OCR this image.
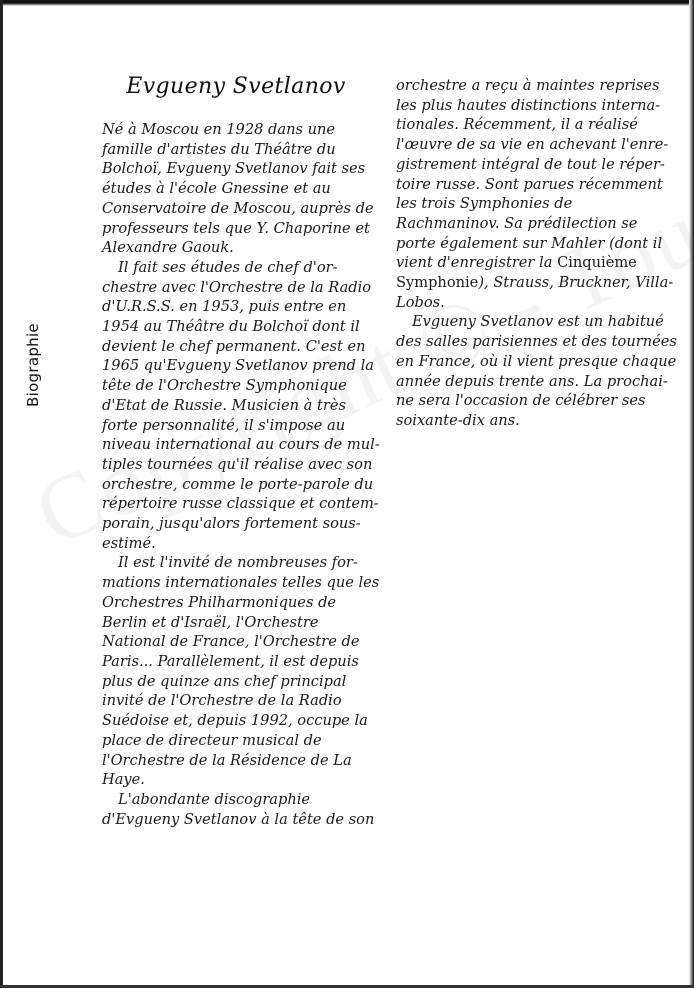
Biographie
Evgueny Svetlanov
Né à Moscou en 1928 dans une
famille d'artistes du Théâtre du
Bolchoï, Evgueny Svetlanov fait ses
études à l'école Gnessine et au
Conservatoire de Moscou, auprès de
professeurs tels que Y. Chaporine et
Alexandre Gaouk.
Il fait ses études de chef d'or-
chestre avec l'Orchestre de la Radio
d'U.R.S.S. en 1953, puis entre en
1954 au Théâtre du Bolchoï dont il
devient le chef permanent. C'est en
1965 qu'Evgueny Svetlanov prend la
tête de l'Orchestre Symphonique
d'Etat de Russie. Musicien à très
forte personnalité, il s'impose au
niveau international au cours de mul-
tiples tournées qu'il réalise avec son
orchestre, comme le porte-parole du
répertoire russe classique et contem-
porain, jusqu'alors fortement sous-
estimé.
Il est l'invité de nombreuses for-
mations internationales telles que les
Orchestres Philharmoniques de
Berlin et d'Israël, l'Orchestre
National de France, l'Orchestre de
Paris... Parallèlement, il est depuis
plus de quinze ans chef principal
invité de l'Orchestre de la Radio
Suédoise et, depuis 1992, occupe la
place de directeur musical de
l'Orchestre de la Résidence de La
Haye.
L'abondante discographie
d'Evgueny Svetlanov à la tête de son
orchestre a reçu à maintes reprises
les plus hautes distinctions interna-
tionales. Récemment, il a réalisé
l'œuvre de sa vie en achevant l'enre-
gistrement intégral de tout le réper-
toire russe. Sont parues récemment
les trois Symphonies de
Rachmaninov. Sa prédilection se
porte également sur Mahler (dont il
vient d'enregistrer la Cinquième
Symphonie), Strauss, Bruckner, Villa-
Lobos.
Evgueny Svetlanov est un habitué
des salles parisiennes et des tournées
en France, où il vient presque chaque
année depuis trente ans. La prochai-
ne sera l'occasion de célébrer ses
soixante-dix ans.
